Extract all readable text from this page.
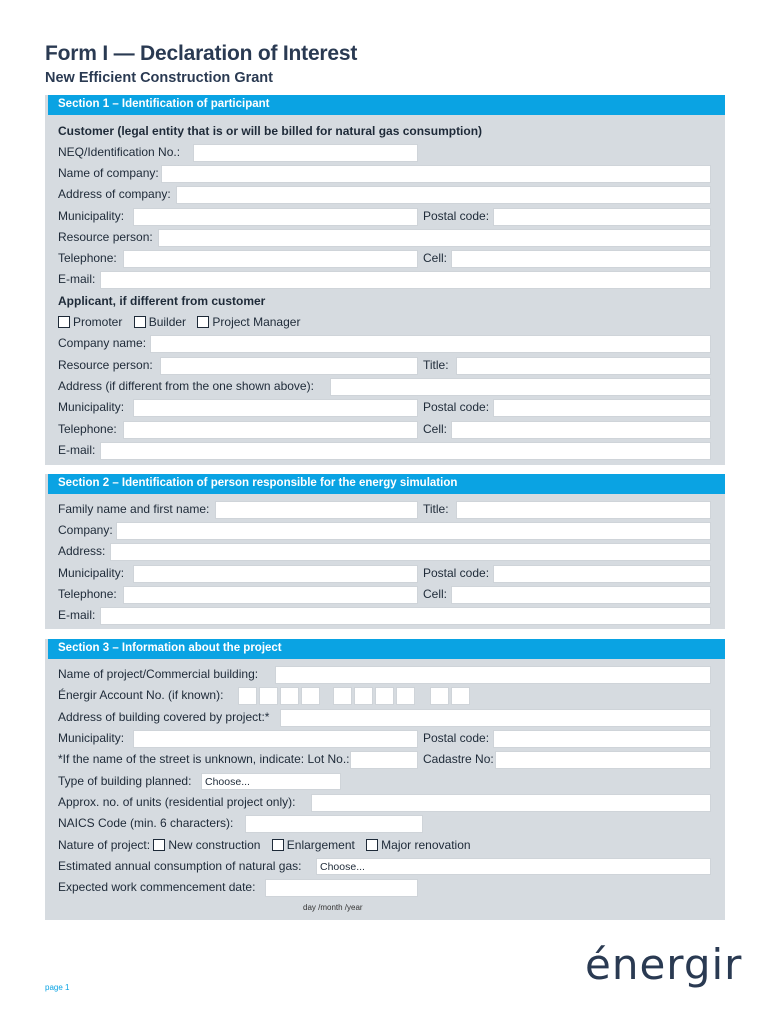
Form I — Declaration of Interest
New Efficient Construction Grant
Section 1 – Identification of participant
Customer (legal entity that is or will be billed for natural gas consumption)
NEQ/Identification No.:
Name of company:
Address of company:
Municipality:	Postal code:
Resource person:
Telephone:	Cell:
E-mail:
Applicant, if different from customer
Promoter Builder Project Manager
Company name:
Resource person:	Title:
Address (if different from the one shown above):
Municipality:	Postal code:
Telephone:	Cell:
E-mail:
Section 2 – Identification of person responsible for the energy simulation
Family name and first name:	Title:
Company:
Address:
Municipality:	Postal code:
Telephone:	Cell:
E-mail:
Section 3 – Information about the project
Name of project/Commercial building:
Énergir Account No. (if known):
Address of building covered by project:*
Municipality:	Postal code:
*If the name of the street is unknown, indicate: Lot No.:	Cadastre No:
Type of building planned:	Choose...
Approx. no. of units (residential project only):
NAICS Code (min. 6 characters):
Nature of project: New construction Enlargement Major renovation
Estimated annual consumption of natural gas:	Choose...
Expected work commencement date:
day /month /year
énergir
page 1
